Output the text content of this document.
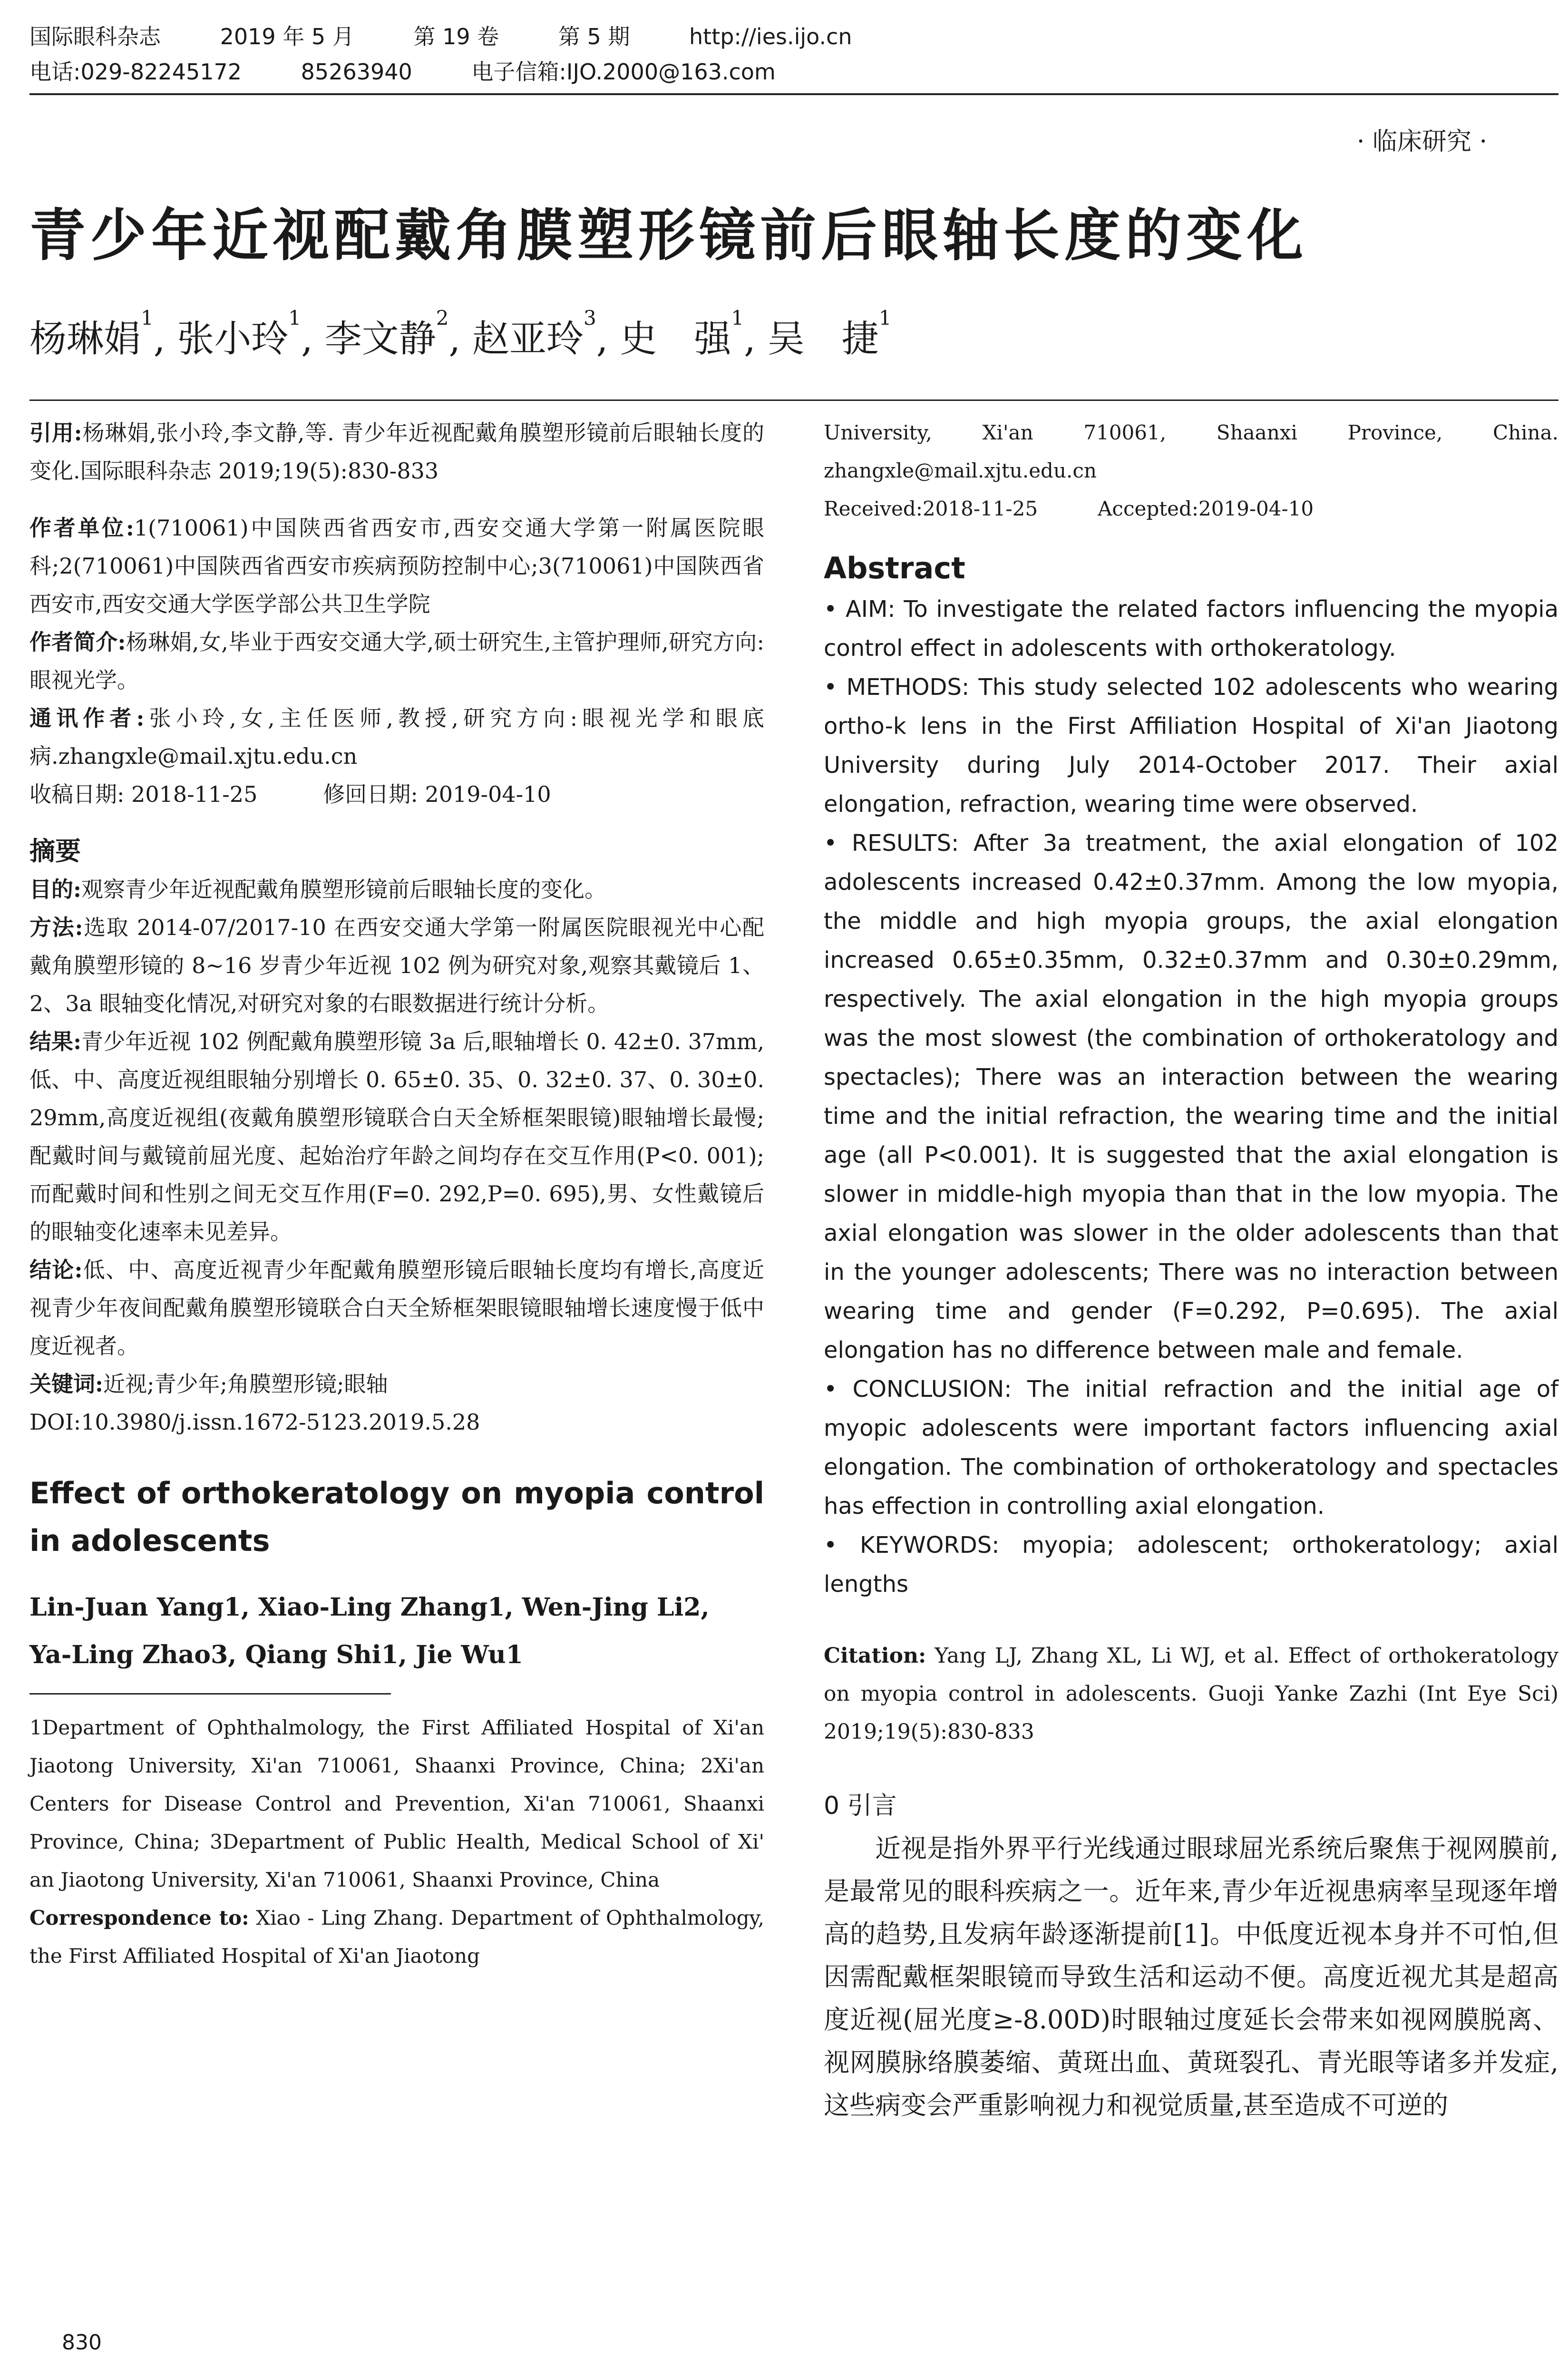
国际眼科杂志	2019 年 5 月	第 19 卷	第 5 期	http://ies.ijo.cn
电话:029-82245172	85263940	电子信箱:IJO.2000@163.com
· 临床研究 ·
青少年近视配戴角膜塑形镜前后眼轴长度的变化
杨琳娟$^1$, 张小玲$^1$, 李文静$^2$, 赵亚玲$^3$, 史　强$^1$, 吴　捷$^1$

引用:杨琳娟,张小玲,李文静,等. 青少年近视配戴角膜塑形镜前后眼轴长度的变化.国际眼科杂志 2019;19(5):830-833

作者单位:1(710061)中国陕西省西安市,西安交通大学第一附属医院眼科;2(710061)中国陕西省西安市疾病预防控制中心;3(710061)中国陕西省西安市,西安交通大学医学部公共卫生学院

作者简介:杨琳娟,女,毕业于西安交通大学,硕士研究生,主管护理师,研究方向:眼视光学。

通讯作者:张小玲,女,主任医师,教授,研究方向:眼视光学和眼底病.zhangxle@mail.xjtu.edu.cn

收稿日期: 2018-11-25　　　	修回日期: 2019-04-10

摘要

目的:观察青少年近视配戴角膜塑形镜前后眼轴长度的变化。

方法:选取 2014-07/2017-10 在西安交通大学第一附属医院眼视光中心配戴角膜塑形镜的 8~16 岁青少年近视 102 例为研究对象,观察其戴镜后 1、2、3a 眼轴变化情况,对研究对象的右眼数据进行统计分析。

结果:青少年近视 102 例配戴角膜塑形镜 3a 后,眼轴增长 0. 42±0. 37mm,低、中、高度近视组眼轴分别增长 0. 65±0. 35、0. 32±0. 37、0. 30±0. 29mm,高度近视组(夜戴角膜塑形镜联合白天全矫框架眼镜)眼轴增长最慢;配戴时间与戴镜前屈光度、起始治疗年龄之间均存在交互作用(P<0. 001);而配戴时间和性别之间无交互作用(F=0. 292,P=0. 695),男、女性戴镜后的眼轴变化速率未见差异。

结论:低、中、高度近视青少年配戴角膜塑形镜后眼轴长度均有增长,高度近视青少年夜间配戴角膜塑形镜联合白天全矫框架眼镜眼轴增长速度慢于低中度近视者。

关键词:近视;青少年;角膜塑形镜;眼轴

DOI:10.3980/j.issn.1672-5123.2019.5.28

Effect of orthokeratology on myopia control in adolescents

Lin-Juan Yang1, Xiao-Ling Zhang1, Wen-Jing Li2,

Ya-Ling Zhao3, Qiang Shi1, Jie Wu1

1Department of Ophthalmology, the First Affiliated Hospital of Xi'an Jiaotong University, Xi'an 710061, Shaanxi Province, China; 2Xi'an Centers for Disease Control and Prevention, Xi'an 710061, Shaanxi Province, China; 3Department of Public Health, Medical School of Xi' an Jiaotong University, Xi'an 710061, Shaanxi Province, China

Correspondence to: Xiao - Ling Zhang. Department of Ophthalmology, the First Affiliated Hospital of Xi'an Jiaotong

University, Xi'an 710061, Shaanxi Province, China. zhangxle@mail.xjtu.edu.cn

Received:2018-11-25　　　	Accepted:2019-04-10

Abstract

• AIM: To investigate the related factors influencing the myopia control effect in adolescents with orthokeratology.

• METHODS: This study selected 102 adolescents who wearing ortho-k lens in the First Affiliation Hospital of Xi'an Jiaotong University during July 2014-October 2017. Their axial elongation, refraction, wearing time were observed.

• RESULTS: After 3a treatment, the axial elongation of 102 adolescents increased 0.42±0.37mm. Among the low myopia, the middle and high myopia groups, the axial elongation increased 0.65±0.35mm, 0.32±0.37mm and 0.30±0.29mm, respectively. The axial elongation in the high myopia groups was the most slowest (the combination of orthokeratology and spectacles); There was an interaction between the wearing time and the initial refraction, the wearing time and the initial age (all P<0.001). It is suggested that the axial elongation is slower in middle-high myopia than that in the low myopia. The axial elongation was slower in the older adolescents than that in the younger adolescents; There was no interaction between wearing time and gender (F=0.292, P=0.695). The axial elongation has no difference between male and female.

• CONCLUSION: The initial refraction and the initial age of myopic adolescents were important factors influencing axial elongation. The combination of orthokeratology and spectacles has effection in controlling axial elongation.

• KEYWORDS: myopia; adolescent; orthokeratology; axial lengths

Citation: Yang LJ, Zhang XL, Li WJ, et al. Effect of orthokeratology on myopia control in adolescents. Guoji Yanke Zazhi (Int Eye Sci) 2019;19(5):830-833

0 引言

近视是指外界平行光线通过眼球屈光系统后聚焦于视网膜前,是最常见的眼科疾病之一。近年来,青少年近视患病率呈现逐年增高的趋势,且发病年龄逐渐提前[1]。中低度近视本身并不可怕,但因需配戴框架眼镜而导致生活和运动不便。高度近视尤其是超高度近视(屈光度≥-8.00D)时眼轴过度延长会带来如视网膜脱离、视网膜脉络膜萎缩、黄斑出血、黄斑裂孔、青光眼等诸多并发症,这些病变会严重影响视力和视觉质量,甚至造成不可逆的

830
